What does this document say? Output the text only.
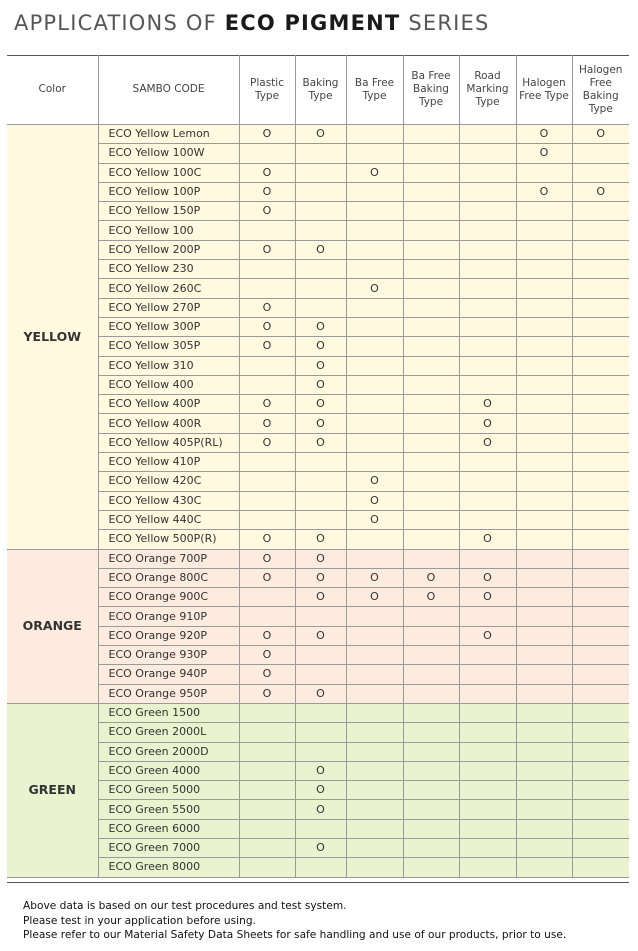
APPLICATIONS OF ECO PIGMENT SERIES
Color	SAMBO CODE	Plastic Type	Baking Type	Ba Free Type	Ba Free Baking Type	Road Marking Type	Halogen Free Type	Halogen Free Baking Type
YELLOW	ECO Yellow Lemon	O	O				O	O
	ECO Yellow 100W						O	
	ECO Yellow 100C	O		O				
	ECO Yellow 100P	O					O	O
	ECO Yellow 150P	O						
	ECO Yellow 100							
	ECO Yellow 200P	O	O					
	ECO Yellow 230							
	ECO Yellow 260C			O				
	ECO Yellow 270P	O						
	ECO Yellow 300P	O	O					
	ECO Yellow 305P	O	O					
	ECO Yellow 310		O					
	ECO Yellow 400		O					
	ECO Yellow 400P	O	O			O		
	ECO Yellow 400R	O	O			O		
	ECO Yellow 405P(RL)	O	O			O		
	ECO Yellow 410P							
	ECO Yellow 420C			O				
	ECO Yellow 430C			O				
	ECO Yellow 440C			O				
	ECO Yellow 500P(R)	O	O			O		
ORANGE	ECO Orange 700P	O	O					
	ECO Orange 800C	O	O	O	O	O		
	ECO Orange 900C		O	O	O	O		
	ECO Orange 910P							
	ECO Orange 920P	O	O			O		
	ECO Orange 930P	O						
	ECO Orange 940P	O						
	ECO Orange 950P	O	O					
GREEN	ECO Green 1500							
	ECO Green 2000L							
	ECO Green 2000D							
	ECO Green 4000		O					
	ECO Green 5000		O					
	ECO Green 5500		O					
	ECO Green 6000							
	ECO Green 7000		O					
	ECO Green 8000							
Above data is based on our test procedures and test system.
Please test in your application before using.
Please refer to our Material Safety Data Sheets for safe handling and use of our products, prior to use.
